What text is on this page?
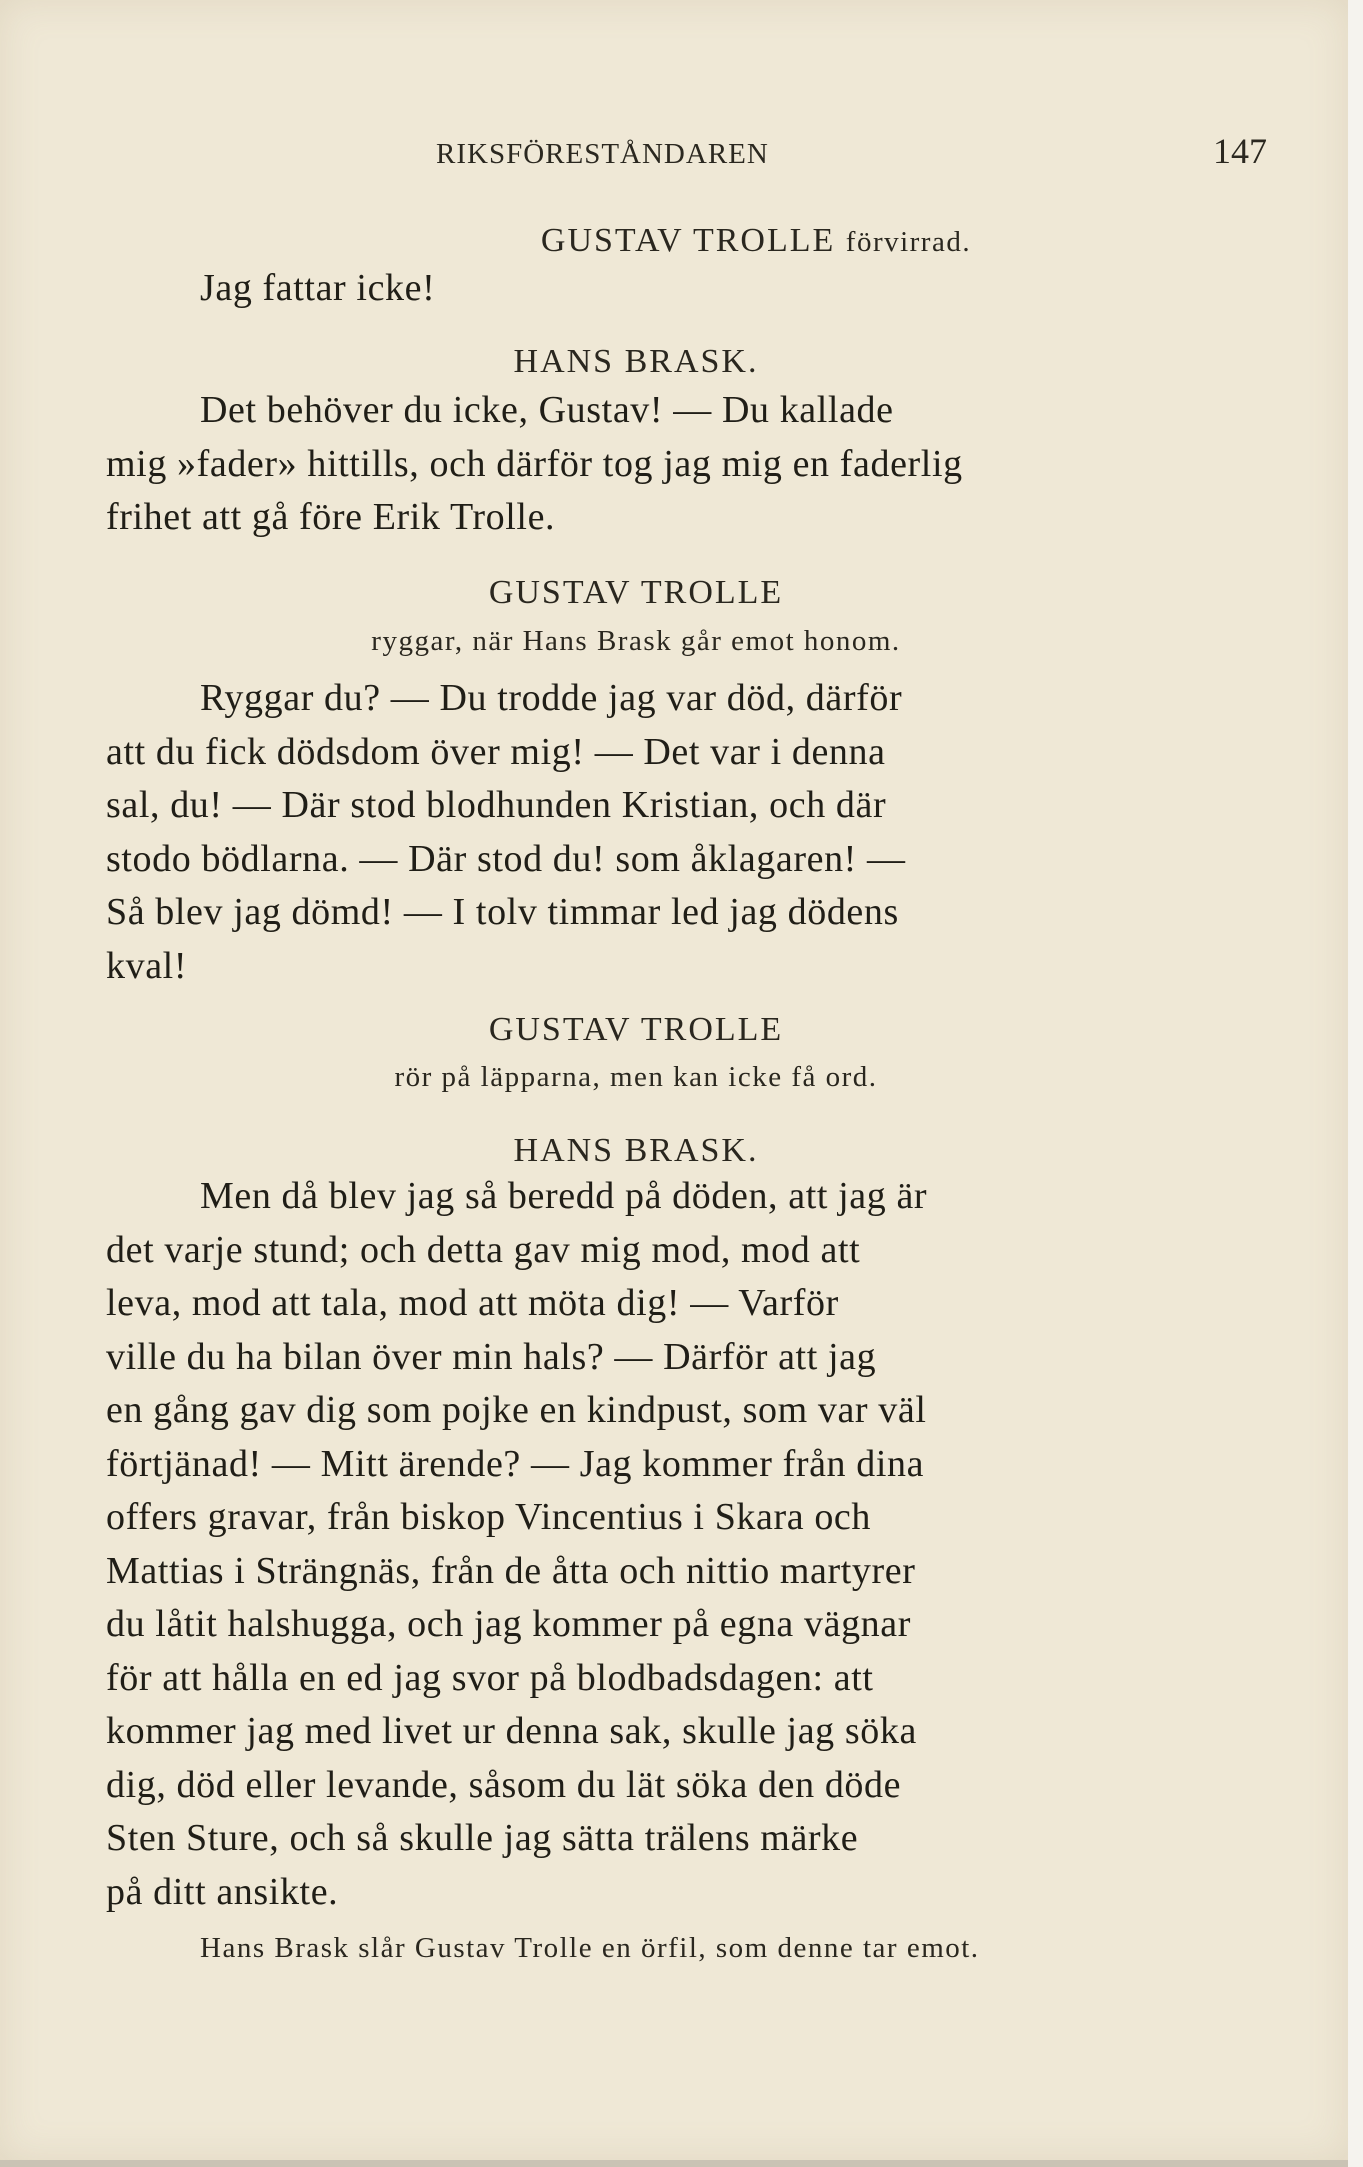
RIKSFÖRESTÅNDAREN	147
GUSTAV TROLLE förvirrad.

Jag fattar icke!

HANS BRASK.

Det behöver du icke, Gustav! — Du kallade

mig »fader» hittills, och därför tog jag mig en faderlig

frihet att gå före Erik Trolle.

GUSTAV TROLLE
ryggar, när Hans Brask går emot honom.

Ryggar du? — Du trodde jag var död, därför

att du fick dödsdom över mig! — Det var i denna

sal, du! — Där stod blodhunden Kristian, och där

stodo bödlarna. — Där stod du! som åklagaren! —

Så blev jag dömd! — I tolv timmar led jag dödens

kval!

GUSTAV TROLLE
rör på läpparna, men kan icke få ord.
HANS BRASK.

Men då blev jag så beredd på döden, att jag är

det varje stund; och detta gav mig mod, mod att

leva, mod att tala, mod att möta dig! — Varför

ville du ha bilan över min hals? — Därför att jag

en gång gav dig som pojke en kindpust, som var väl

förtjänad! — Mitt ärende? — Jag kommer från dina

offers gravar, från biskop Vincentius i Skara och

Mattias i Strängnäs, från de åtta och nittio martyrer

du låtit halshugga, och jag kommer på egna vägnar

för att hålla en ed jag svor på blodbadsdagen: att

kommer jag med livet ur denna sak, skulle jag söka

dig, död eller levande, såsom du lät söka den döde

Sten Sture, och så skulle jag sätta trälens märke

på ditt ansikte.

Hans Brask slår Gustav Trolle en örfil, som denne tar emot.
